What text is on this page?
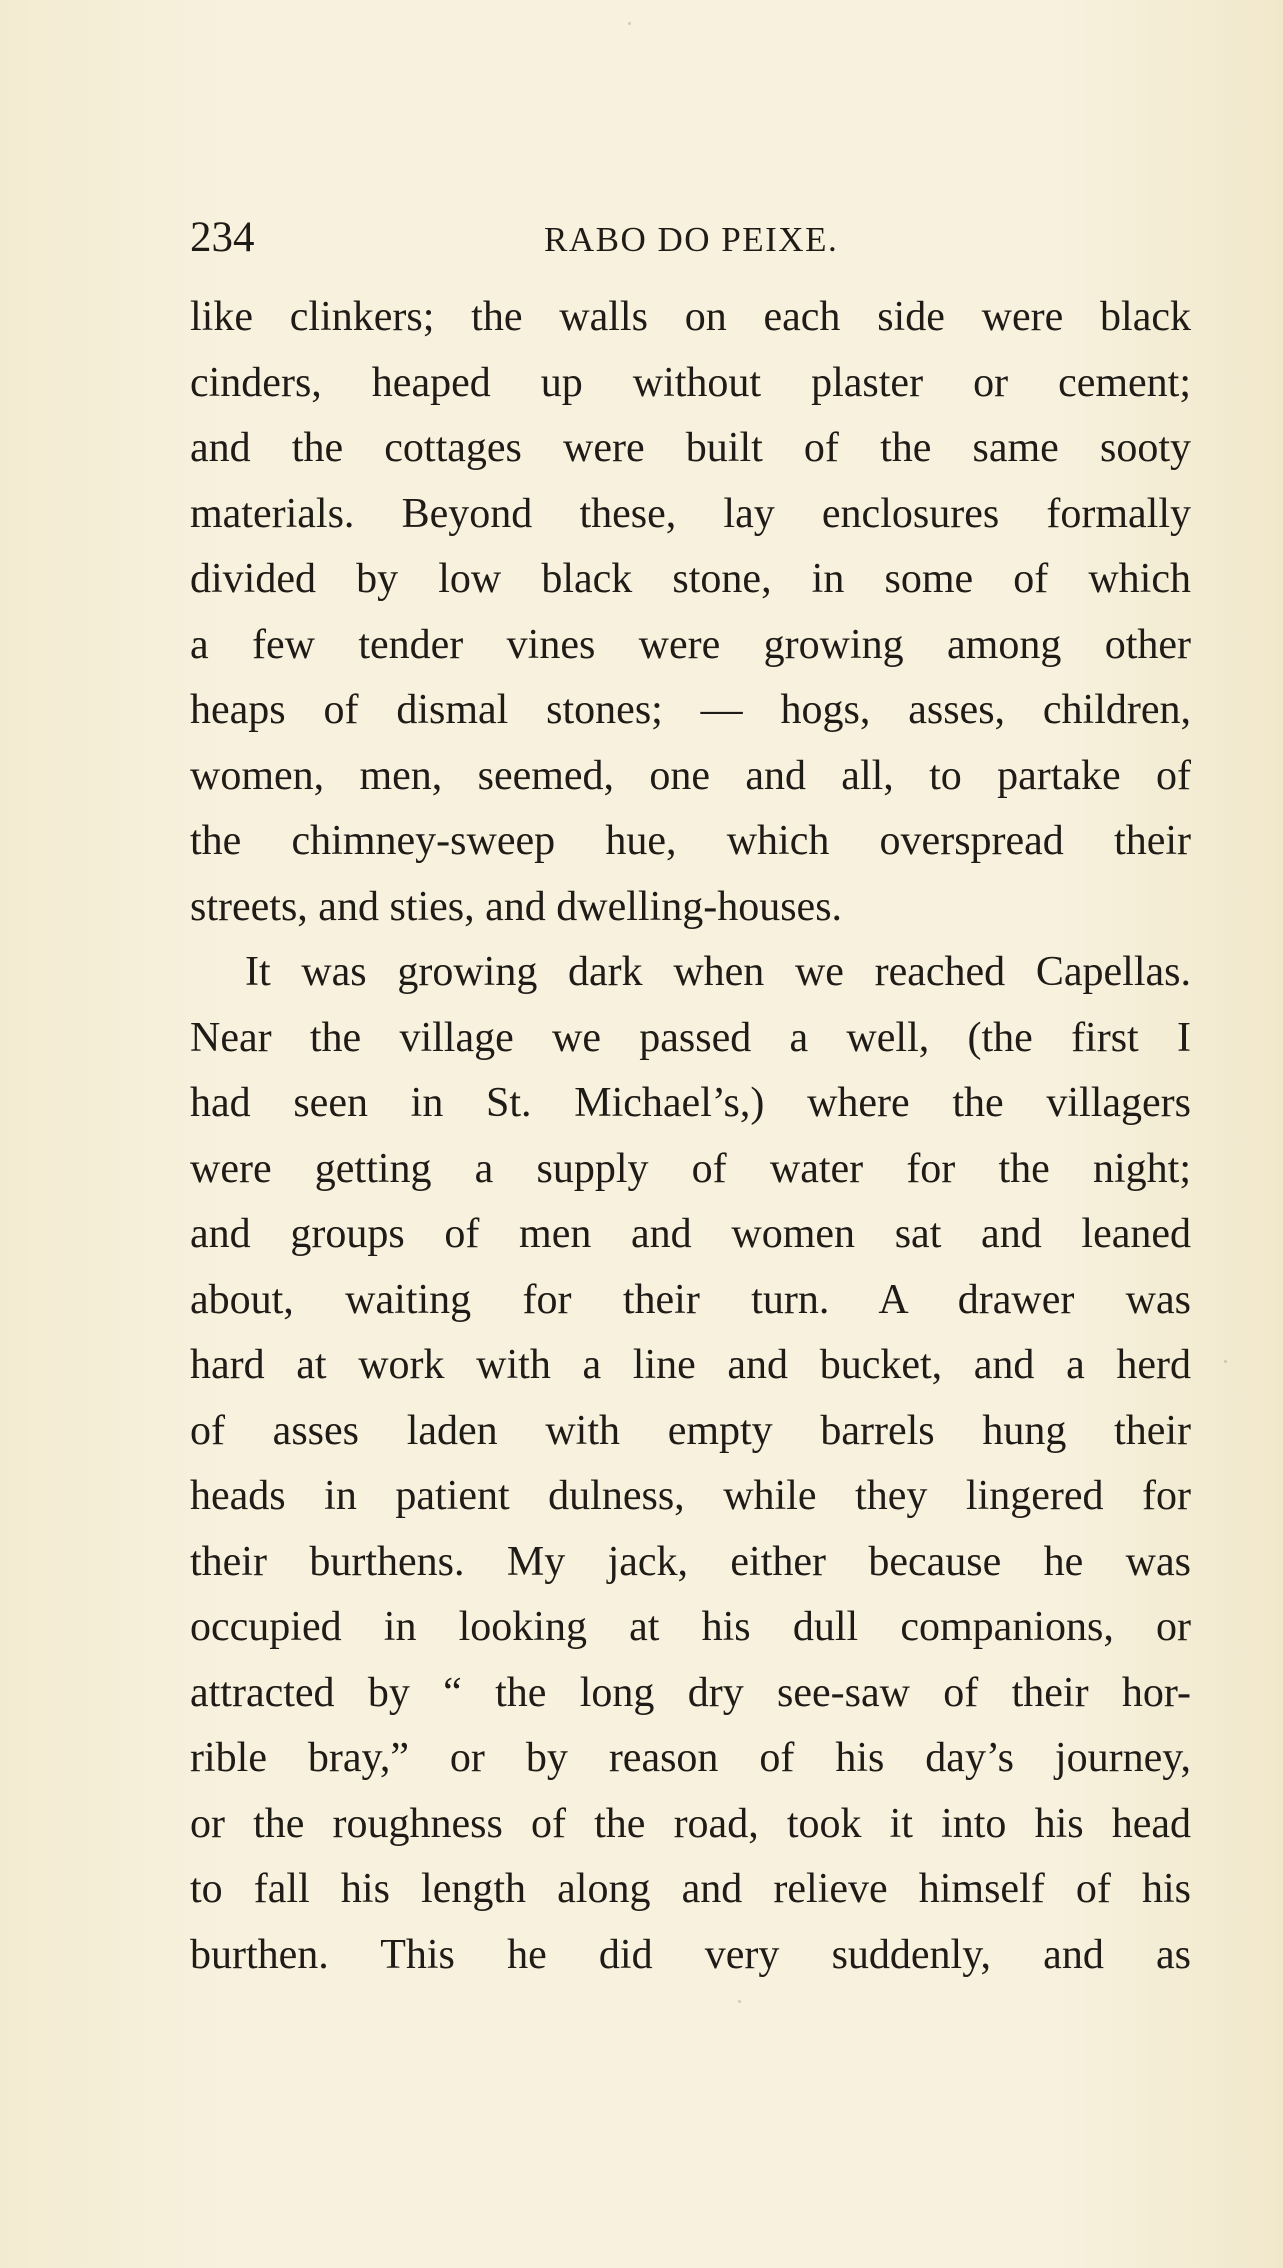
234	RABO DO PEIXE.
like clinkers; the walls on each side were black
cinders, heaped up without plaster or cement;
and the cottages were built of the same sooty
materials. Beyond these, lay enclosures formally
divided by low black stone, in some of which
a few tender vines were growing among other
heaps of dismal stones; — hogs, asses, children,
women, men, seemed, one and all, to partake of
the chimney-sweep hue, which overspread their
streets, and sties, and dwelling-houses.
It was growing dark when we reached Capellas.
Near the village we passed a well, (the first I
had seen in St. Michael’s,) where the villagers
were getting a supply of water for the night;
and groups of men and women sat and leaned
about, waiting for their turn. A drawer was
hard at work with a line and bucket, and a herd
of asses laden with empty barrels hung their
heads in patient dulness, while they lingered for
their burthens. My jack, either because he was
occupied in looking at his dull companions, or
attracted by “ the long dry see-saw of their hor-
rible bray,” or by reason of his day’s journey,
or the roughness of the road, took it into his head
to fall his length along and relieve himself of his
burthen. This he did very suddenly, and as
